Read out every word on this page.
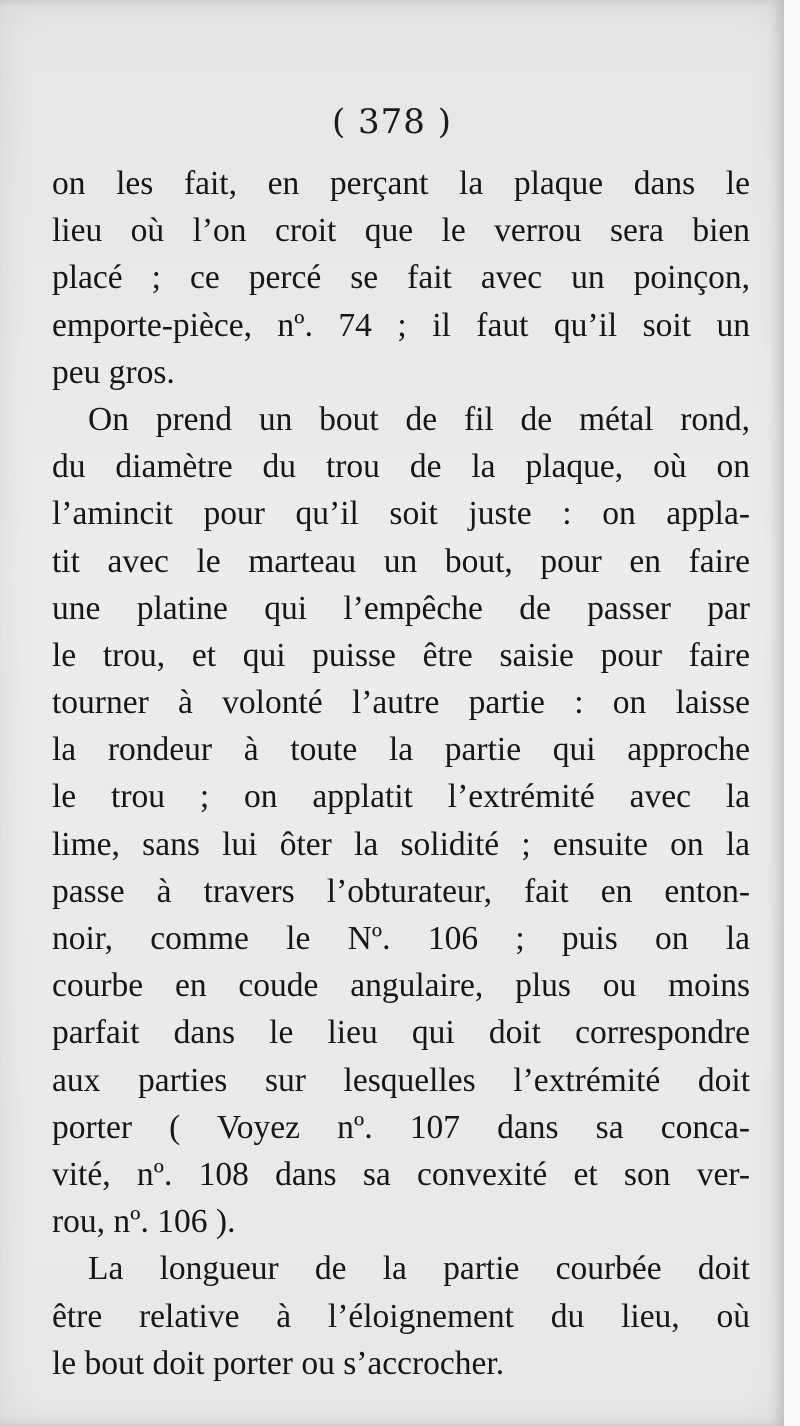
( 378 )
on les fait, en perçant la plaque dans le
lieu où l’on croit que le verrou sera bien
placé ; ce percé se fait avec un poinçon,
emporte-pièce, nº. 74 ; il faut qu’il soit un
peu gros.
On prend un bout de fil de métal rond,
du diamètre du trou de la plaque, où on
l’amincit pour qu’il soit juste : on appla-
tit avec le marteau un bout, pour en faire
une platine qui l’empêche de passer par
le trou, et qui puisse être saisie pour faire
tourner à volonté l’autre partie : on laisse
la rondeur à toute la partie qui approche
le trou ; on applatit l’extrémité avec la
lime, sans lui ôter la solidité ; ensuite on la
passe à travers l’obturateur, fait en enton-
noir, comme le Nº. 106 ; puis on la
courbe en coude angulaire, plus ou moins
parfait dans le lieu qui doit correspondre
aux parties sur lesquelles l’extrémité doit
porter ( Voyez nº. 107 dans sa conca-
vité, nº. 108 dans sa convexité et son ver-
rou, nº. 106 ).
La longueur de la partie courbée doit
être relative à l’éloignement du lieu, où
le bout doit porter ou s’accrocher.
